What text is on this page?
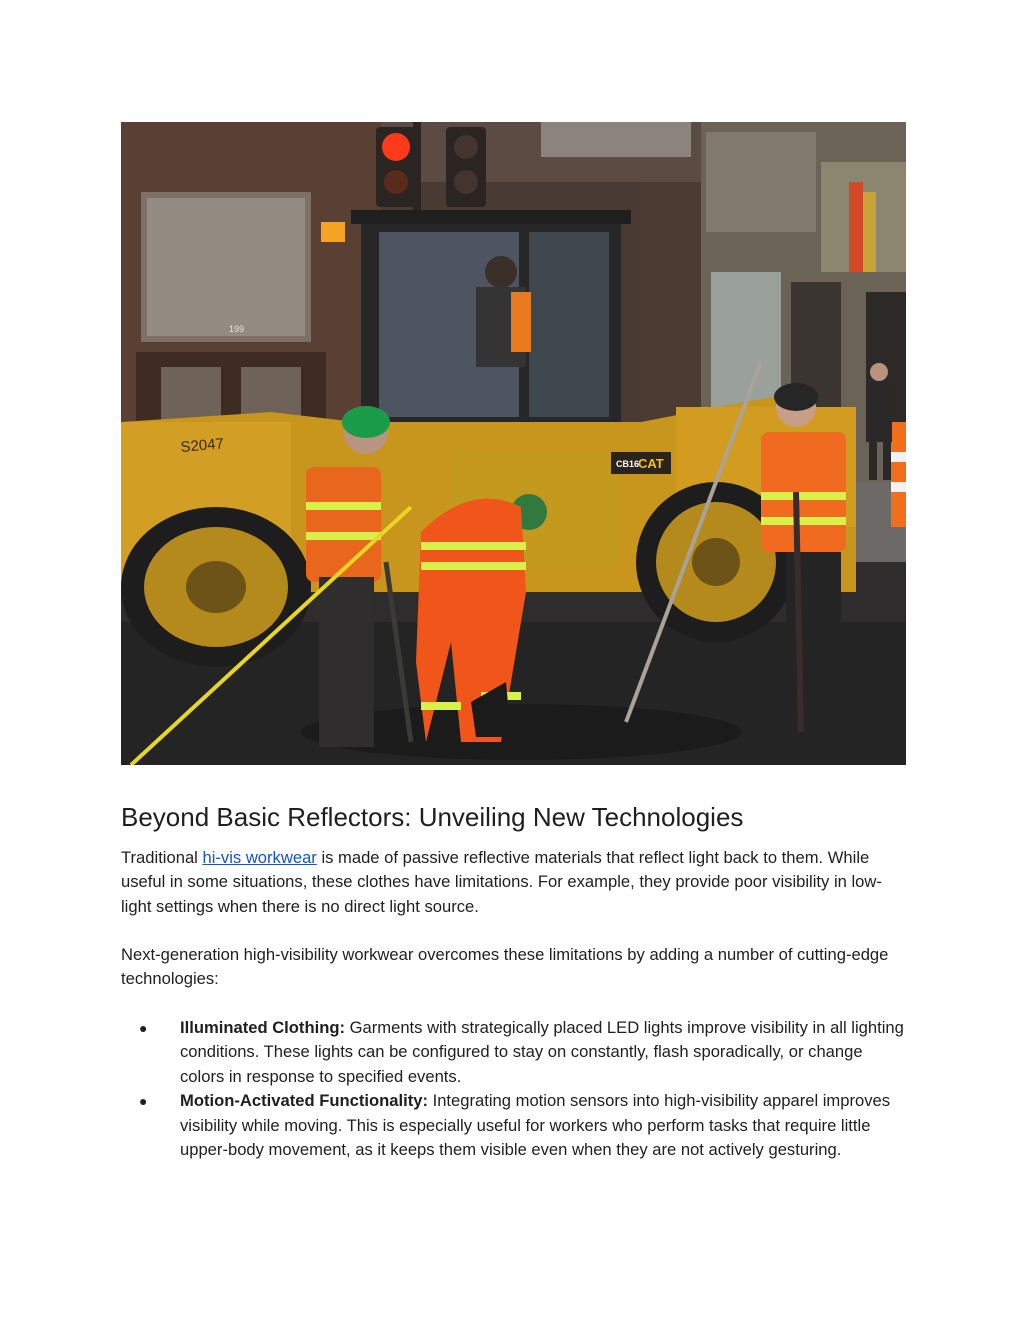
199
S2047
CB16
CAT
Beyond Basic Reflectors: Unveiling New Technologies

Traditional hi-vis workwear is made of passive reflective materials that reflect light back to them. While useful in some situations, these clothes have limitations. For example, they provide poor visibility in low-light settings when there is no direct light source.

Next-generation high-visibility workwear overcomes these limitations by adding a number of cutting-edge technologies:

● Illuminated Clothing: Garments with strategically placed LED lights improve visibility in all lighting conditions. These lights can be configured to stay on constantly, flash sporadically, or change colors in response to specified events.
● Motion-Activated Functionality: Integrating motion sensors into high-visibility apparel improves visibility while moving. This is especially useful for workers who perform tasks that require little upper-body movement, as it keeps them visible even when they are not actively gesturing.
